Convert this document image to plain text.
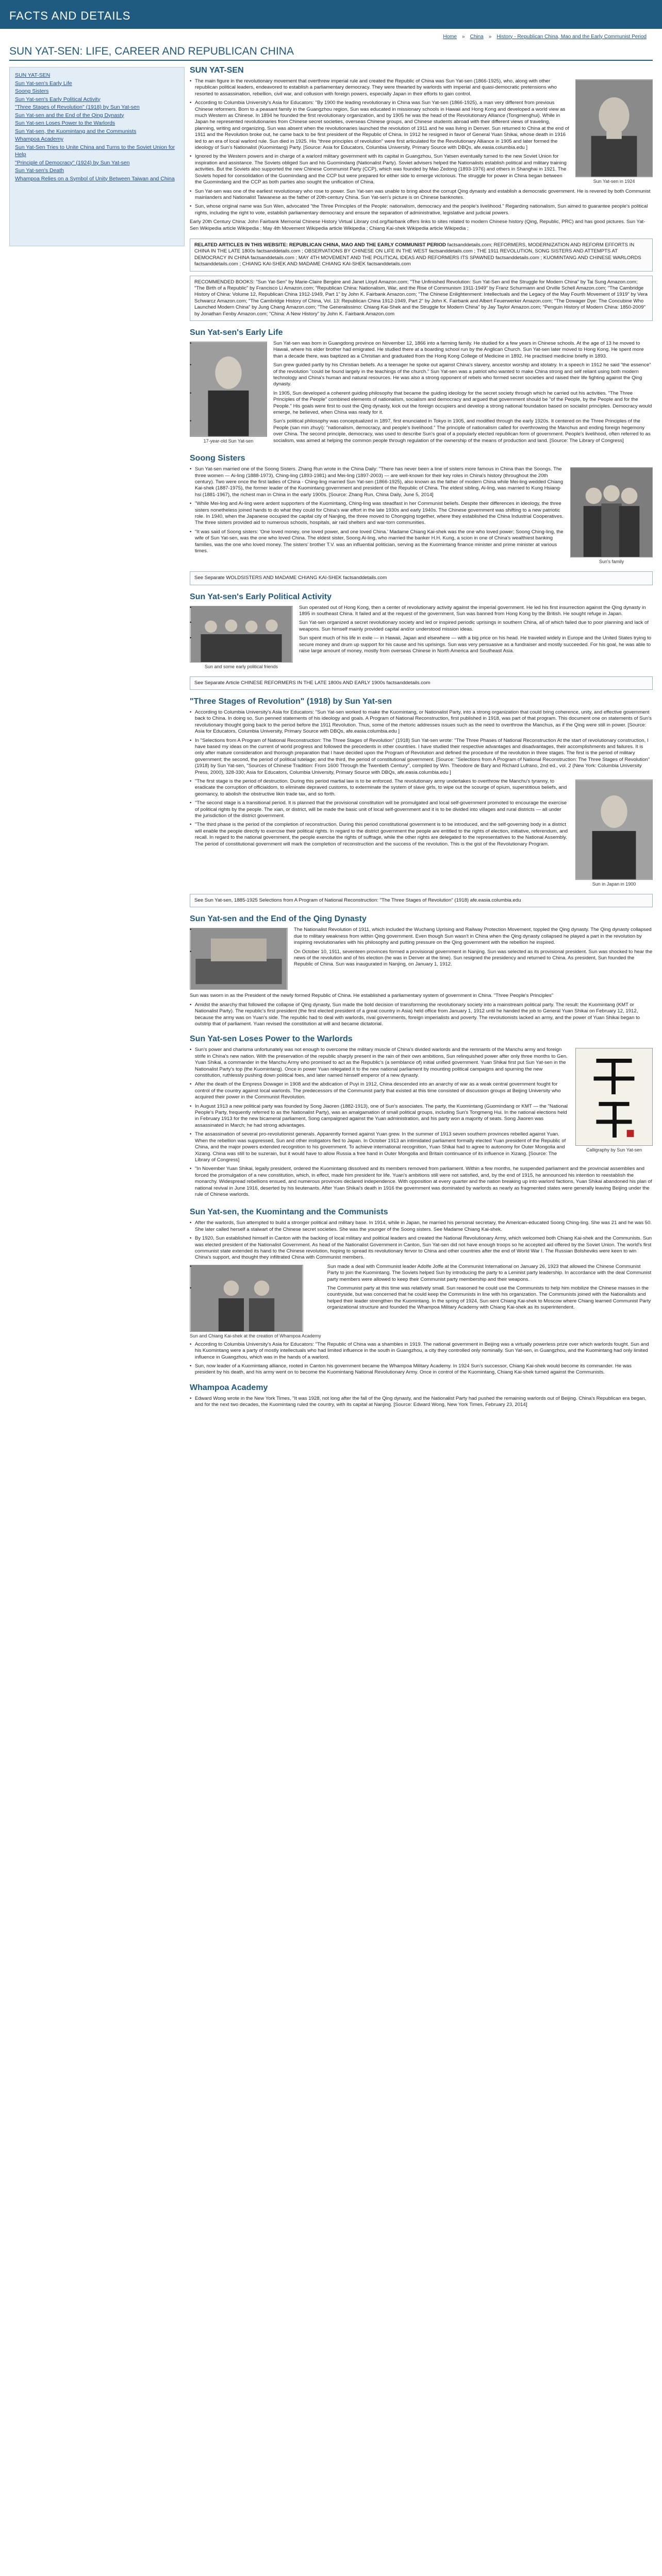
FACTS AND DETAILS
Home » China » History - Republican China, Mao and the Early Communist Period
SUN YAT-SEN: LIFE, CAREER AND REPUBLICAN CHINA
SUN YAT-SEN
Sun Yat-sen's Early Life
Soong Sisters
Sun Yat-sen's Early Political Activity
"Three Stages of Revolution" (1918) by Sun Yat-sen
Sun Yat-sen and the End of the Qing Dynasty
Sun Yat-sen Loses Power to the Warlords
Sun Yat-sen, the Kuomintang and the Communists
Whampoa Academy
Sun Yat-Sen Tries to Unite China and Turns to the Soviet Union for Help
"Principle of Democracy" (1924) by Sun Yat-sen
Sun Yat-sen's Death
Whampoa Relies on a Symbol of Unity Between Taiwan and China
SUN YAT-SEN
Sun Yat-sen in 1924
• The main figure in the revolutionary movement that overthrew imperial rule and created the Republic of China was Sun Yat-sen (1866-1925), who, along with other republican political leaders, endeavored to establish a parliamentary democracy. They were thwarted by warlords with imperial and quasi-democratic pretensions who resorted to assassination, rebellion, civil war, and collusion with foreign powers, especially Japan in their efforts to gain control.
• According to Columbia University's Asia for Educators: "By 1900 the leading revolutionary in China was Sun Yat-sen (1866-1925), a man very different from previous Chinese reformers. Born to a peasant family in the Guangzhou region, Sun was educated in missionary schools in Hawaii and Hong Kong and developed a world view as much Western as Chinese. In 1894 he founded the first revolutionary organization, and by 1905 he was the head of the Revolutionary Alliance (Tongmenghui). While in Japan he represented revolutionaries from Chinese secret societies, overseas Chinese groups, and Chinese students abroad with their different views of traveling, planning, writing and organizing. Sun was absent when the revolutionaries launched the revolution of 1911 and he was living in Denver. Sun returned to China at the end of 1911 and the Revolution broke out, he came back to be first president of the Republic of China. In 1912 he resigned in favor of General Yuan Shikai, whose death in 1916 led to an era of local warlord rule. Sun died in 1925. His "three principles of revolution" were first articulated for the Revolutionary Alliance in 1905 and later formed the ideology of Sun's Nationalist (Kuomintang) Party. [Source: Asia for Educators, Columbia University, Primary Source with DBQs, afe.easia.columbia.edu ]
• Ignored by the Western powers and in charge of a warlord military government with its capital in Guangzhou, Sun Yatsen eventually turned to the new Soviet Union for inspiration and assistance. The Soviets obliged Sun and his Guomindang (Nationalist Party). Soviet advisers helped the Nationalists establish political and military training activities. But the Soviets also supported the new Chinese Communist Party (CCP), which was founded by Mao Zedong (1893-1976) and others in Shanghai in 1921. The Soviets hoped for consolidation of the Guomindang and the CCP but were prepared for either side to emerge victorious. The struggle for power in China began between the Guomindang and the CCP as both parties also sought the unification of China.
• Sun Yat-sen was one of the earliest revolutionary who rose to power. Sun Yat-sen was unable to bring about the corrupt Qing dynasty and establish a democratic government. He is revered by both Communist mainlanders and Nationalist Taiwanese as the father of 20th-century China. Sun Yat-sen's picture is on Chinese banknotes.
• Sun, whose original name was Sun Wen, advocated "the Three Principles of the People: nationalism, democracy and the people's livelihood." Regarding nationalism, Sun aimed to guarantee people's political rights, including the right to vote, establish parliamentary democracy and ensure the separation of administrative, legislative and judicial powers.

Early 20th Century China: John Fairbank Memorial Chinese History Virtual Library cnd.org/fairbank offers links to sites related to modern Chinese history (Qing, Republic, PRC) and has good pictures. Sun Yat-Sen Wikipedia article Wikipedia ; May 4th Movement Wikipedia article Wikipedia ; Chiang Kai-shek Wikipedia article Wikipedia ;

RELATED ARTICLES IN THIS WEBSITE: REPUBLICAN CHINA, MAO AND THE EARLY COMMUNIST PERIOD factsanddetails.com; REFORMERS, MODERNIZATION AND REFORM EFFORTS IN CHINA IN THE LATE 1800s factsanddetails.com ; OBSERVATIONS BY CHINESE ON LIFE IN THE WEST factsanddetails.com ; THE 1911 REVOLUTION, SONG SISTERS AND ATTEMPTS AT DEMOCRACY IN CHINA factsanddetails.com ; MAY 4TH MOVEMENT AND THE POLITICAL IDEAS AND REFORMERS ITS SPAWNED factsanddetails.com ; KUOMINTANG AND CHINESE WARLORDS factsanddetails.com ; CHIANG KAI-SHEK AND MADAME CHIANG KAI-SHEK factsanddetails.com
RECOMMENDED BOOKS: "Sun Yat-Sen" by Marie-Claire Bergère and Janet Lloyd Amazon.com; "The Unfinished Revolution: Sun Yat-Sen and the Struggle for Modern China" by Tai Sung Amazon.com; "The Birth of a Republic" by Francisco Li Amazon.com; "Republican China: Nationalism, War, and the Rise of Communism 1911-1949" by Franz Schurmann and Orville Schell Amazon.com; "The Cambridge History of China: Volume 12, Republican China 1912-1949, Part 1" by John K. Fairbank Amazon.com; "The Chinese Enlightenment: Intellectuals and the Legacy of the May Fourth Movement of 1919" by Vera Schwarcz Amazon.com; "The Cambridge History of China, Vol. 13: Republican China 1912-1949, Part 2" by John K. Fairbank and Albert Feuerwerker Amazon.com; "The Dowager Dye: The Concubine Who Launched Modern China" by Jung Chang Amazon.com; "The Generalissimo: Chiang Kai-Shek and the Struggle for Modern China" by Jay Taylor Amazon.com; "Penguin History of Modern China: 1850-2009" by Jonathan Fenby Amazon.com; "China: A New History" by John K. Fairbank Amazon.com
Sun Yat-sen's Early Life
17-year-old Sun Yat-sen
• Sun Yat-sen was born in Guangdong province on November 12, 1866 into a farming family. He studied for a few years in Chinese schools. At the age of 13 he moved to Hawaii, where his elder brother had emigrated. He studied there at a boarding school run by the Anglican Church. Sun Yat-sen later moved to Hong Kong. He spent more than a decade there, was baptized as a Christian and graduated from the Hong Kong College of Medicine in 1892. He practised medicine briefly in 1893.
• Sun grew guided partly by his Christian beliefs. As a teenager he spoke out against China's slavery, ancestor worship and idolatry. In a speech in 1912 he said "the essence" of the revolution "could be found largely in the teachings of the church." Sun Yat-sen was a patriot who wanted to make China strong and self reliant using both modern technology and China's human and natural resources. He was also a strong opponent of rebels who formed secret societies and raised their life fighting against the Qing dynasty.
• In 1905, Sun developed a coherent guiding philosophy that became the guiding ideology for the secret society through which he carried out his activities. "The Three Principles of the People" combined elements of nationalism, socialism and democracy and argued that government should be "of the People, by the People and for the People." His goals were first to oust the Qing dynasty, kick out the foreign occupiers and develop a strong national foundation based on socialist principles. Democracy would emerge, he believed, when China was ready for it.
• Sun's political philosophy was conceptualized in 1897, first enunciated in Tokyo in 1905, and modified through the early 1920s. It centered on the Three Principles of the People (san min zhuyi): "nationalism, democracy, and people's livelihood." The principle of nationalism called for overthrowing the Manchus and ending foreign hegemony over China. The second principle, democracy, was used to describe Sun's goal of a popularly elected republican form of government. People's livelihood, often referred to as socialism, was aimed at helping the common people through regulation of the ownership of the means of production and land. [Source: The Library of Congress]
Soong Sisters
Sun's family
• Sun Yat-sen married one of the Soong Sisters. Zhang Run wrote in the China Daily: "There has never been a line of sisters more famous in China than the Soongs. The three women — Ai-ling (1888-1973), Ching-ling (1893-1981) and Mei-ling (1897-2003) — are well-known for their key roles in China's history (throughout the 20th century). Two were once the first ladies of China - Ching-ling married Sun Yat-sen (1866-1925), also known as the father of modern China while Mei-ling wedded Chiang Kai-shek (1887-1975), the former leader of the Kuomintang government and president of the Republic of China. The eldest sibling, Ai-ling, was married to Kung Hsiang-hsi (1881-1967), the richest man in China in the early 1900s. [Source: Zhang Run, China Daily, June 5, 2014]
• "While Mei-ling and Ai-ling were ardent supporters of the Kuomintang, Ching-ling was steadfast in her Communist beliefs. Despite their differences in ideology, the three sisters nonetheless joined hands to do what they could for China's war effort in the late 1930s and early 1940s. The Chinese government was shifting to a new patriotic role. In 1940, when the Japanese occupied the capital city of Nanjing, the three moved to Chongqing together, where they established the China Industrial Cooperatives. The three sisters provided aid to numerous schools, hospitals, air raid shelters and war-torn communities.
• "It was said of Soong sisters: 'One loved money, one loved power, and one loved China.' Madame Chiang Kai-shek was the one who loved power; Soong Ching-ling, the wife of Sun Yat-sen, was the one who loved China. The eldest sister, Soong Ai-ling, who married the banker H.H. Kung, a scion in one of China's wealthiest banking families, was the one who loved money. The sisters' brother T.V. was an influential politician, serving as the Kuomintang finance minister and prime minister at various times.
See Separate WOLDSISTERS AND MADAME CHIANG KAI-SHEK factsanddetails.com
Sun Yat-sen's Early Political Activity
Sun and some early political friends
• Sun operated out of Hong Kong, then a center of revolutionary activity against the imperial government. He led his first insurrection against the Qing dynasty in 1895 in southeast China. It failed and at the request of the government, Sun was banned from Hong Kong by the British. He sought refuge in Japan.
• Sun Yat-sen organized a secret revolutionary society and led or inspired periodic uprisings in southern China, all of which failed due to poor planning and lack of weapons. Sun himself mainly provided capital and/or understood mission ideas.
• Sun spent much of his life in exile — in Hawaii, Japan and elsewhere — with a big price on his head. He traveled widely in Europe and the United States trying to secure money and drum up support for his cause and his uprisings. Sun was very persuasive as a fundraiser and mostly succeeded. For his goal, he was able to raise large amount of money, mostly from overseas Chinese in North America and Southeast Asia.
See Separate Article CHINESE REFORMERS IN THE LATE 1800s AND EARLY 1900s factsanddetails.com
"Three Stages of Revolution" (1918) by Sun Yat-sen
• According to Columbia University's Asia for Educators: "Sun Yat-sen worked to make the Kuomintang, or Nationalist Party, into a strong organization that could bring coherence, unity, and effective government back to China. In doing so, Sun penned statements of his ideology and goals. A Program of National Reconstruction, first published in 1918, was part of that program. This document one on statements of Sun's revolutionary thought going back to the period before the 1911 Revolution. Thus, some of the rhetoric addresses issues such as the need to overthrow the Manchus, as if the Qing were still in power. [Source: Asia for Educators, Columbia University, Primary Source with DBQs, afe.easia.columbia.edu ]
• In "Selections from A Program of National Reconstruction: The Three Stages of Revolution" (1918) Sun Yat-sen wrote: "The Three Phases of National Reconstruction At the start of revolutionary construction, I have based my ideas on the current of world progress and followed the precedents in other countries. I have studied their respective advantages and disadvantages, their accomplishments and failures. It is only after mature consideration and thorough preparation that I have decided upon the Program of Revolution and defined the procedure of the revolution in three stages. The first is the period of military government; the second, the period of political tutelage; and the third, the period of constitutional government. [Source: "Selections from A Program of National Reconstruction: The Three Stages of Revolution" (1918) by Sun Yat-sen, "Sources of Chinese Tradition: From 1600 Through the Twentieth Century", compiled by Wm. Theodore de Bary and Richard Lufrano, 2nd ed., vol. 2 (New York: Columbia University Press, 2000), 328-330; Asia for Educators, Columbia University, Primary Source with DBQs, afe.easia.columbia.edu ]
Sun in Japan in 1900
• "The first stage is the period of destruction. During this period martial law is to be enforced. The revolutionary army undertakes to overthrow the Manchu's tyranny, to eradicate the corruption of officialdom, to eliminate depraved customs, to exterminate the system of slave girls, to wipe out the scourge of opium, superstitious beliefs, and geomancy, to abolish the obstructive likin trade tax, and so forth.
• "The second stage is a transitional period. It is planned that the provisional constitution will be promulgated and local self-government promoted to encourage the exercise of political rights by the people. The xian, or district, will be made the basic unit of local self-government and it is to be divided into villages and rural districts — all under the jurisdiction of the district government.
• "The third phase is the period of the completion of reconstruction. During this period constitutional government is to be introduced, and the self-governing body in a district will enable the people directly to exercise their political rights. In regard to the district government the people are entitled to the rights of election, initiative, referendum, and recall. In regard to the national government, the people exercise the rights of suffrage, while the other rights are delegated to the representatives to the National Assembly. The period of constitutional government will mark the completion of reconstruction and the success of the revolution. This is the gist of the Revolutionary Program.
See Sun Yat-sen, 1885-1925 Selections from A Program of National Reconstruction: "The Three Stages of Revolution" (1918) afe.easia.columbia.edu
Sun Yat-sen and the End of the Qing Dynasty
• The Nationalist Revolution of 1911, which included the Wuchang Uprising and Railway Protection Movement, toppled the Qing dynasty. The Qing dynasty collapsed due to military weakness from within Qing government. Even though Sun wasn't in China when the Qing dynasty collapsed he played a part in the revolution by inspiring revolutionaries with his philosophy and putting pressure on the Qing government with the rebellion he inspired.
• On October 10, 1911, seventeen provinces formed a provisional government in Nanjing. Sun was selected as its provisional president. Sun was shocked to hear the news of the revolution and of his election (he was in Denver at the time). Sun resigned the presidency and returned to China. As president, Sun founded the Republic of China. Sun was inaugurated in Nanjing, on January 1, 1912.

Sun was sworn in as the President of the newly formed Republic of China. He established a parliamentary system of government in China. "Three People's Principles"

• Amidst the anarchy that followed the collapse of Qing dynasty, Sun made the bold decision of transforming the revolutionary society into a mainstream political party. The result: the Kuomintang (KMT or Nationalist Party). The republic's first president (the first elected president of a great country in Asia) held office from January 1, 1912 until he handed the job to General Yuan Shikai on February 12, 1912, because the army was on Yuan's side. The republic had to deal with warlords, rival governments, foreign imperialists and poverty. The revolutionists lacked an army, and the power of Yuan Shikai began to outstrip that of parliament. Yuan revised the constitution at will and became dictatorial.
Sun Yat-sen Loses Power to the Warlords
Calligraphy by Sun Yat-sen
• Sun's power and charisma unfortunately was not enough to overcome the military muscle of China's divided warlords and the remnants of the Manchu army and foreign strife in China's new nation. With the preservation of the republic sharply present in the rain of their own ambitions, Sun relinquished power after only three months to Gen. Yuan Shikai, a commander in the Manchu Army who promised to act as the Republic's (a semblance of) initial unified government. Yuan Shikai first put Sun Yat-sen in the Nationalist Party's top (the Kuomintang). Once in power Yuan relegated it to the new national parliament by mounting political campaigns and spurning the new constitution, ruthlessly pushing down political foes, and later named himself emperor of a new dynasty.
• After the death of the Empress Dowager in 1908 and the abdication of Puyi in 1912, China descended into an anarchy of war as a weak central government fought for control of the country against local warlords. The predecessors of the Communist party that existed at this time consisted of discussion groups at Beijing University who acquired their power in the Communist Revolution.
• In August 1913 a new political party was founded by Song Jiaoren (1882-1913), one of Sun's associates. The party, the Kuomintang (Guomindang or KMT — the "National People's Party, frequently referred to as the Nationalist Party), was an amalgamation of small political groups, including Sun's Tongmeng Hui. In the national elections held in February 1913 for the new bicameral parliament, Song campaigned against the Yuan administration, and his party won a majority of seats. Song Jiaoren was assassinated in March; he had strong advantages.
• The assassination of several pro-revolutionist generals. Apparently formed against Yuan grew. In the summer of 1913 seven southern provinces rebelled against Yuan. When the rebellion was suppressed, Sun and other instigators fled to Japan. In October 1913 an intimidated parliament formally elected Yuan president of the Republic of China, and the major powers extended recognition to his government. To achieve international recognition, Yuan Shikai had to agree to autonomy for Outer Mongolia and Xizang. China was still to be suzerain, but it would have to allow Russia a free hand in Outer Mongolia and Britain continuance of its influence in Xizang. [Source: The Library of Congress]
• "In November Yuan Shikai, legally president, ordered the Kuomintang dissolved and its members removed from parliament. Within a few months, he suspended parliament and the provincial assemblies and forced the promulgation of a new constitution, which, in effect, made him president for life. Yuan's ambitions still were not satisfied, and, by the end of 1915, he announced his intention to reestablish the monarchy. Widespread rebellions ensued, and numerous provinces declared independence. With opposition at every quarter and the nation breaking up into warlord factions, Yuan Shikai abandoned his plan of national revival in June 1916, deserted by his lieutenants. After Yuan Shikai's death in 1916 the government was dominated by warlords as nearly as fragmented states were generally leaving Beijing under the rule of Chinese warlords.
Sun Yat-sen, the Kuomintang and the Communists
• After the warlords, Sun attempted to build a stronger political and military base. In 1914, while in Japan, he married his personal secretary, the American-educated Soong Ching-ling. She was 21 and he was 50. She later called herself a stalwart of the Chinese secret societies. She was the younger of the Soong sisters. See Madame Chiang Kai-shek.
• By 1920, Sun established himself in Canton with the backing of local military and political leaders and created the National Revolutionary Army, which welcomed both Chiang Kai-shek and the Communists. Sun was elected president of the Nationalist Government. As head of the Nationalist Government in Canton, Sun Yat-sen did not have enough troops so he accepted aid offered by the Soviet Union. The world's first communist state extended its hand to the Chinese revolution, hoping to spread its revolutionary fervor to China and other countries after the end of World War I. The Russian Bolsheviks were keen to win China's support, and thought they infiltrated China with Communist members.
Sun and Chiang Kai-shek at the creation of Whampoa Academy
• Sun made a deal with Communist leader Adolfe Joffe at the Communist International on January 26, 1923 that allowed the Chinese Communist Party to join the Kuomintang. The Soviets helped Sun by introducing the party to a Leninist party leadership. In accordance with the deal Communist party members were allowed to keep their Communist party membership and their weapons.
• The Communist party at this time was relatively small. Sun reasoned he could use the Communists to help him mobilize the Chinese masses in the countryside, but was concerned that he could keep the Communists in line with his organization. The Communists joined with the Nationalists and helped their leader strengthen the Kuomintang. In the spring of 1924, Sun sent Chiang Kai-shek to Moscow where Chiang learned Communist Party organizational structure and founded the Whampoa Military Academy with Chiang Kai-shek as its superintendent.
• According to Columbia University's Asia for Educators: "The Republic of China was a shambles in 1919. The national government in Beijing was a virtually powerless prize over which warlords fought. Sun and his Kuomintang were a party of mostly intellectuals who had limited influence in the south in Guangzhou, a city they controlled only nominally. Sun Yat-sen, in Guangzhou, and the Kuomintang had only limited influence in Guangzhou, which was in the hands of a warlord.
• Sun, now leader of a Kuomintang alliance, rooted in Canton his government became the Whampoa Military Academy. In 1924 Sun's successor, Chiang Kai-shek would become its commander. He was president by his death, and his army went on to become the Kuomintang National Revolutionary Army. Once in control of the Kuomintang, Chiang Kai-shek turned against the Communists.
Whampoa Academy
• Edward Wong wrote in the New York Times, "It was 1928, not long after the fall of the Qing dynasty, and the Nationalist Party had pushed the remaining warlords out of Beijing. China's Republican era began, and for the next two decades, the Kuomintang ruled the country, with its capital at Nanjing. [Source: Edward Wong, New York Times, February 23, 2014]
